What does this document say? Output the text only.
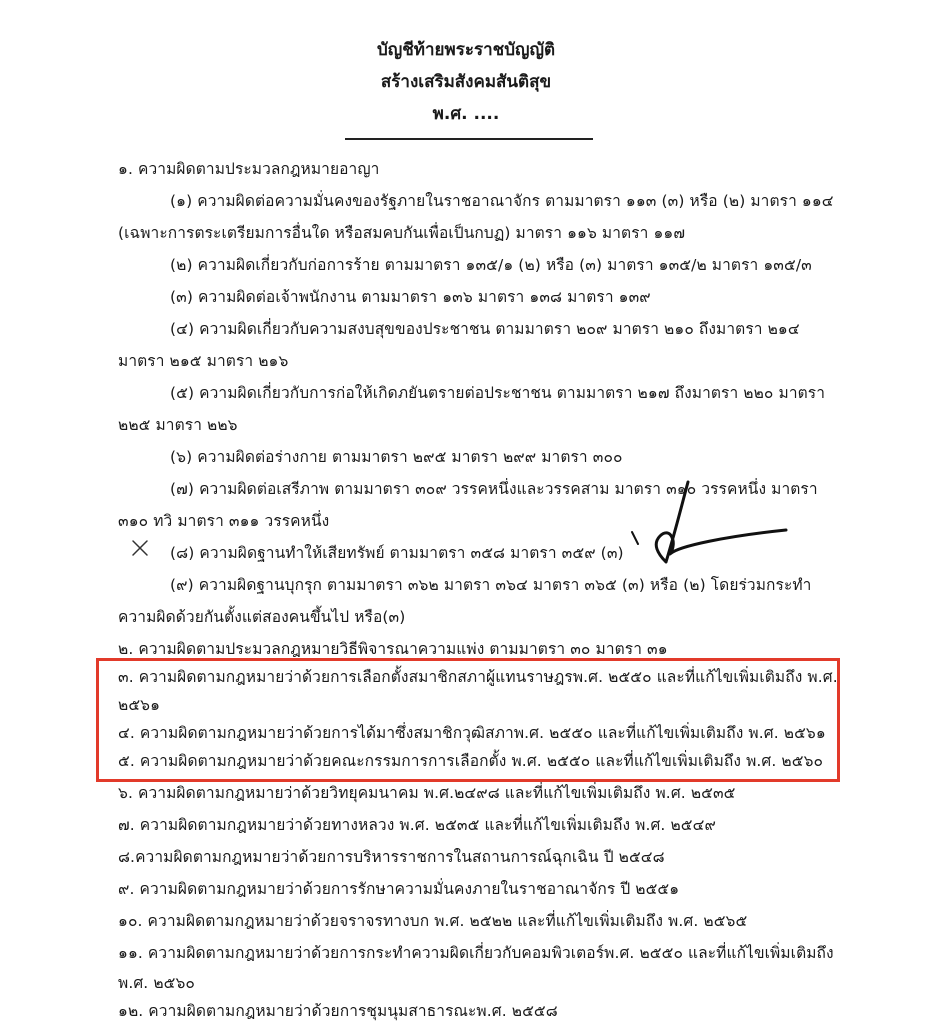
บัญชีท้ายพระราชบัญญัติ
สร้างเสริมสังคมสันติสุข
พ.ศ. ....
๑. ความผิดตามประมวลกฎหมายอาญา
(๑) ความผิดต่อความมั่นคงของรัฐภายในราชอาณาจักร ตามมาตรา ๑๑๓ (๓) หรือ (๒) มาตรา ๑๑๔
(เฉพาะการตระเตรียมการอื่นใด หรือสมคบกันเพื่อเป็นกบฏ) มาตรา ๑๑๖ มาตรา ๑๑๗
(๒) ความผิดเกี่ยวกับก่อการร้าย ตามมาตรา ๑๓๕/๑ (๒) หรือ (๓) มาตรา ๑๓๕/๒ มาตรา ๑๓๕/๓
(๓) ความผิดต่อเจ้าพนักงาน ตามมาตรา ๑๓๖ มาตรา ๑๓๘ มาตรา ๑๓๙
(๔) ความผิดเกี่ยวกับความสงบสุขของประชาชน ตามมาตรา ๒๐๙ มาตรา ๒๑๐ ถึงมาตรา ๒๑๔
มาตรา ๒๑๕ มาตรา ๒๑๖
(๕) ความผิดเกี่ยวกับการก่อให้เกิดภยันตรายต่อประชาชน ตามมาตรา ๒๑๗ ถึงมาตรา ๒๒๐ มาตรา
๒๒๕ มาตรา ๒๒๖
(๖) ความผิดต่อร่างกาย ตามมาตรา ๒๙๕ มาตรา ๒๙๙ มาตรา ๓๐๐
(๗) ความผิดต่อเสรีภาพ ตามมาตรา ๓๐๙ วรรคหนึ่งและวรรคสาม มาตรา ๓๑๐ วรรคหนึ่ง มาตรา
๓๑๐ ทวิ มาตรา ๓๑๑ วรรคหนึ่ง
(๘) ความผิดฐานทำให้เสียทรัพย์ ตามมาตรา ๓๕๘ มาตรา ๓๕๙ (๓)
(๙) ความผิดฐานบุกรุก ตามมาตรา ๓๖๒ มาตรา ๓๖๔ มาตรา ๓๖๕ (๓) หรือ (๒) โดยร่วมกระทำ
ความผิดด้วยกันตั้งแต่สองคนขึ้นไป หรือ(๓)
๒. ความผิดตามประมวลกฎหมายวิธีพิจารณาความแพ่ง ตามมาตรา ๓๐ มาตรา ๓๑
๓. ความผิดตามกฎหมายว่าด้วยการเลือกตั้งสมาชิกสภาผู้แทนราษฎรพ.ศ. ๒๕๕๐ และที่แก้ไขเพิ่มเติมถึง พ.ศ.
๒๕๖๑
๔. ความผิดตามกฎหมายว่าด้วยการได้มาซึ่งสมาชิกวุฒิสภาพ.ศ. ๒๕๕๐ และที่แก้ไขเพิ่มเติมถึง พ.ศ. ๒๕๖๑
๕. ความผิดตามกฎหมายว่าด้วยคณะกรรมการการเลือกตั้ง พ.ศ. ๒๕๕๐ และที่แก้ไขเพิ่มเติมถึง พ.ศ. ๒๕๖๐
๖. ความผิดตามกฎหมายว่าด้วยวิทยุคมนาคม พ.ศ.๒๔๙๘ และที่แก้ไขเพิ่มเติมถึง พ.ศ. ๒๕๓๕
๗. ความผิดตามกฎหมายว่าด้วยทางหลวง พ.ศ. ๒๕๓๕ และที่แก้ไขเพิ่มเติมถึง พ.ศ. ๒๕๔๙
๘.ความผิดตามกฎหมายว่าด้วยการบริหารราชการในสถานการณ์ฉุกเฉิน ปี ๒๕๔๘
๙. ความผิดตามกฎหมายว่าด้วยการรักษาความมั่นคงภายในราชอาณาจักร ปี ๒๕๕๑
๑๐. ความผิดตามกฎหมายว่าด้วยจราจรทางบก พ.ศ. ๒๕๒๒ และที่แก้ไขเพิ่มเติมถึง พ.ศ. ๒๕๖๕
๑๑. ความผิดตามกฎหมายว่าด้วยการกระทำความผิดเกี่ยวกับคอมพิวเตอร์พ.ศ. ๒๕๕๐ และที่แก้ไขเพิ่มเติมถึง
พ.ศ. ๒๕๖๐
๑๒. ความผิดตามกฎหมายว่าด้วยการชุมนุมสาธารณะพ.ศ. ๒๕๕๘
